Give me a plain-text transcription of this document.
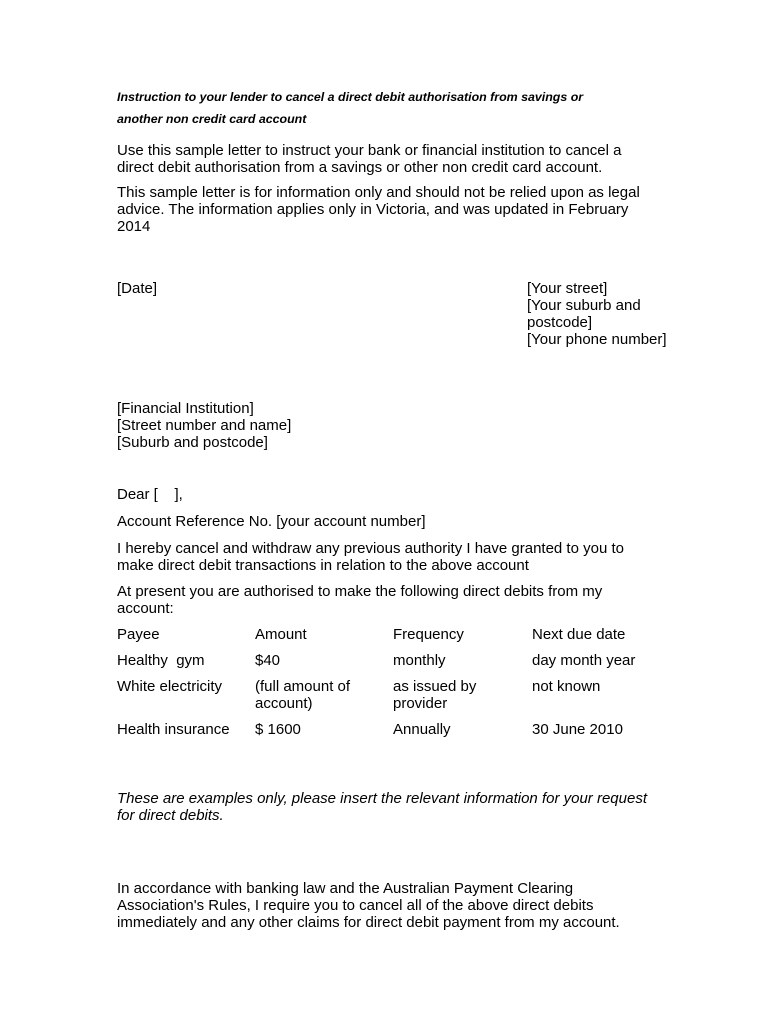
Instruction to your lender to cancel a direct debit authorisation from savings or
another non credit card account

Use this sample letter to instruct your bank or financial institution to cancel a direct debit authorisation from a savings or other non credit card account.

This sample letter is for information only and should not be relied upon as legal advice. The information applies only in Victoria, and was updated in February 2014

[Date]	[Your street]
[Your suburb and postcode]
[Your phone number]
[Financial Institution]
[Street number and name]
[Suburb and postcode]

Dear [    ],

Account Reference No. [your account number]

I hereby cancel and withdraw any previous authority I have granted to you to make direct debit transactions in relation to the above account

At present you are authorised to make the following direct debits from my account:

Payee	Amount	Frequency	Next due date
Healthy  gym	$40	monthly	day month year
White electricity	(full amount of account)	as issued by provider	not known
Health insurance	$ 1600	Annually	30 June 2010

These are examples only, please insert the relevant information for your request for direct debits.

In accordance with banking law and the Australian Payment Clearing Association's Rules, I require you to cancel all of the above direct debits immediately and any other claims for direct debit payment from my account.
